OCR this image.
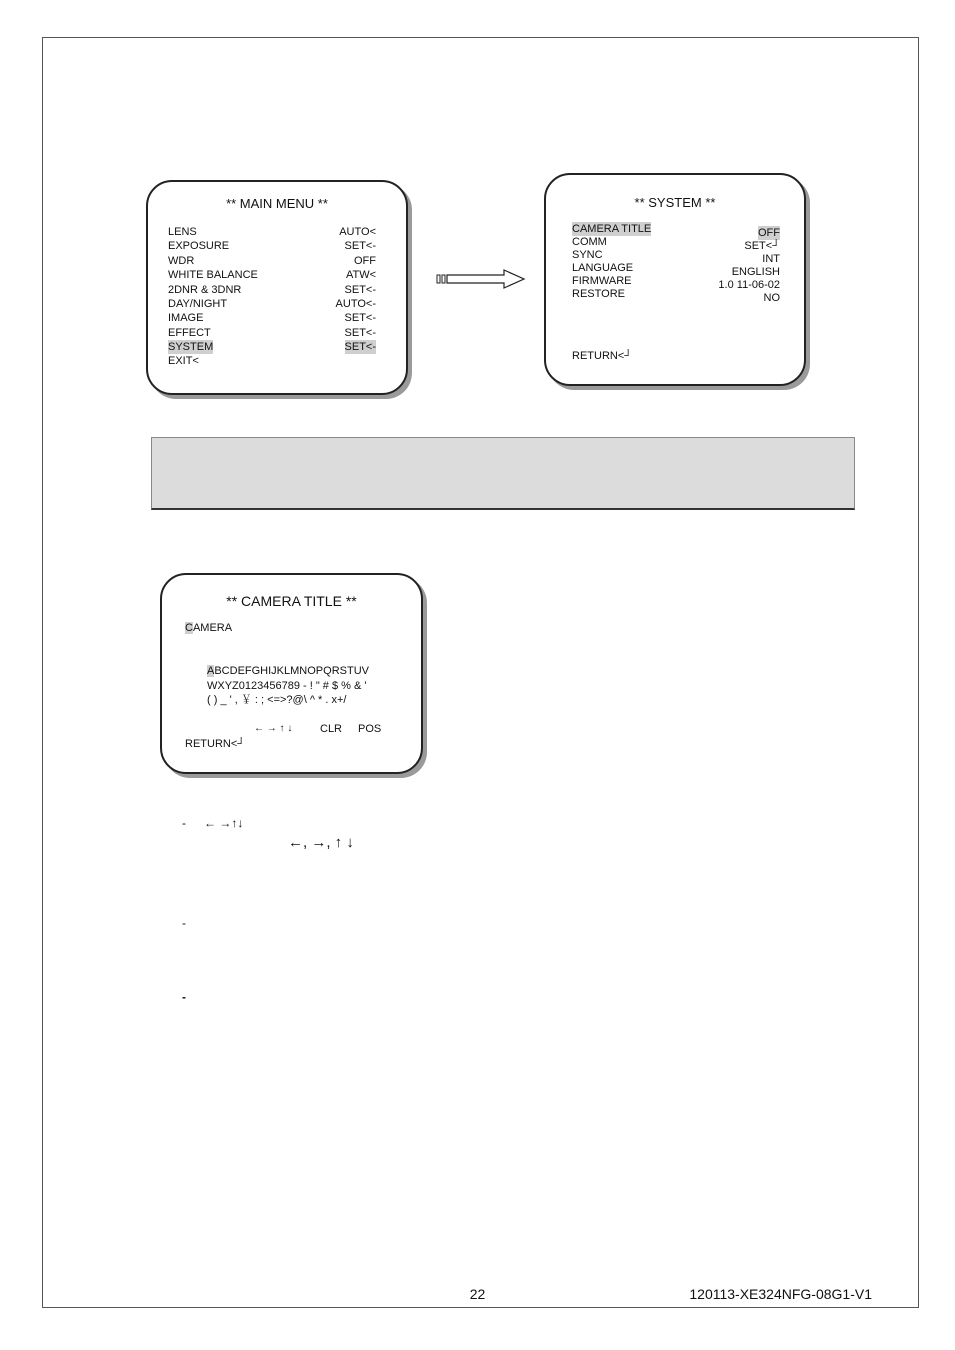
** MAIN MENU **
LENS	AUTO<
EXPOSURE	SET<-
WDR	OFF
WHITE BALANCE	ATW<
2DNR & 3DNR	SET<-
DAY/NIGHT	AUTO<-
IMAGE	SET<-
EFFECT	SET<-
SYSTEM	SET<-
EXIT<
** SYSTEM **
CAMERA TITLE	OFF
COMM	SET<┘
SYNC	INT
LANGUAGE	ENGLISH
FIRMWARE	1.0 11-06-02
RESTORE	NO
RETURN<┘
** CAMERA TITLE **
CAMERA
ABCDEFGHIJKLMNOPQRSTUV
WXYZ0123456789 - ! " # $ % & '
( ) _ ' , ￥ : ; <=>?@\ ^ * . x+/
← → ↑ ↓	CLR POS
RETURN<┘
- ← →↑↓
←, →, ↑ ↓
-
-
22	120113-XE324NFG-08G1-V1
